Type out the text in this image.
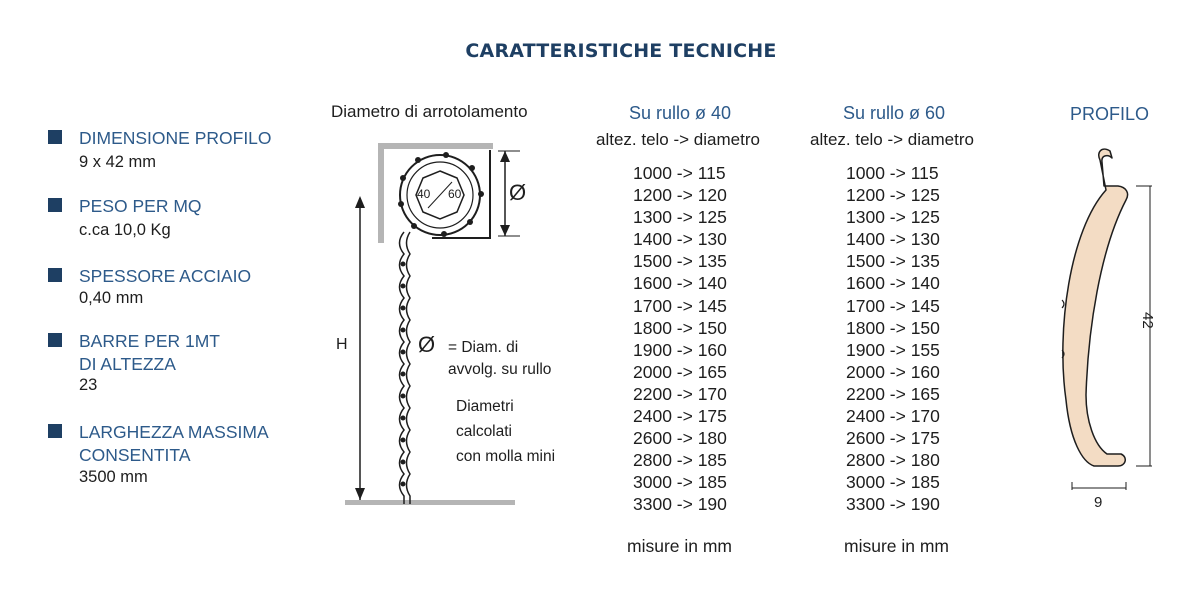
CARATTERISTICHE TECNICHE
DIMENSIONE PROFILO
9 x 42 mm
PESO PER MQ
c.ca 10,0 Kg
SPESSORE ACCIAIO
0,40 mm
BARRE PER 1MT
DI ALTEZZA
23
LARGHEZZA MASSIMA
CONSENTITA
3500 mm
Diametro di arrotolamento
40 60 Ø
H	Ø = Diam. di
avvolg. su rullo
Diametri
calcolati
con molla mini
Su rullo ø 40
altez. telo -> diametro
1000 -> 115
1200 -> 120
1300 -> 125
1400 -> 130
1500 -> 135
1600 -> 140
1700 -> 145
1800 -> 150
1900 -> 160
2000 -> 165
2200 -> 170
2400 -> 175
2600 -> 180
2800 -> 185
3000 -> 185
3300 -> 190
misure in mm
Su rullo ø 60
altez. telo -> diametro
1000 -> 115
1200 -> 125
1300 -> 125
1400 -> 130
1500 -> 135
1600 -> 140
1700 -> 145
1800 -> 150
1900 -> 155
2000 -> 160
2200 -> 165
2400 -> 170
2600 -> 175
2800 -> 180
3000 -> 185
3300 -> 190
misure in mm
PROFILO
42
9
